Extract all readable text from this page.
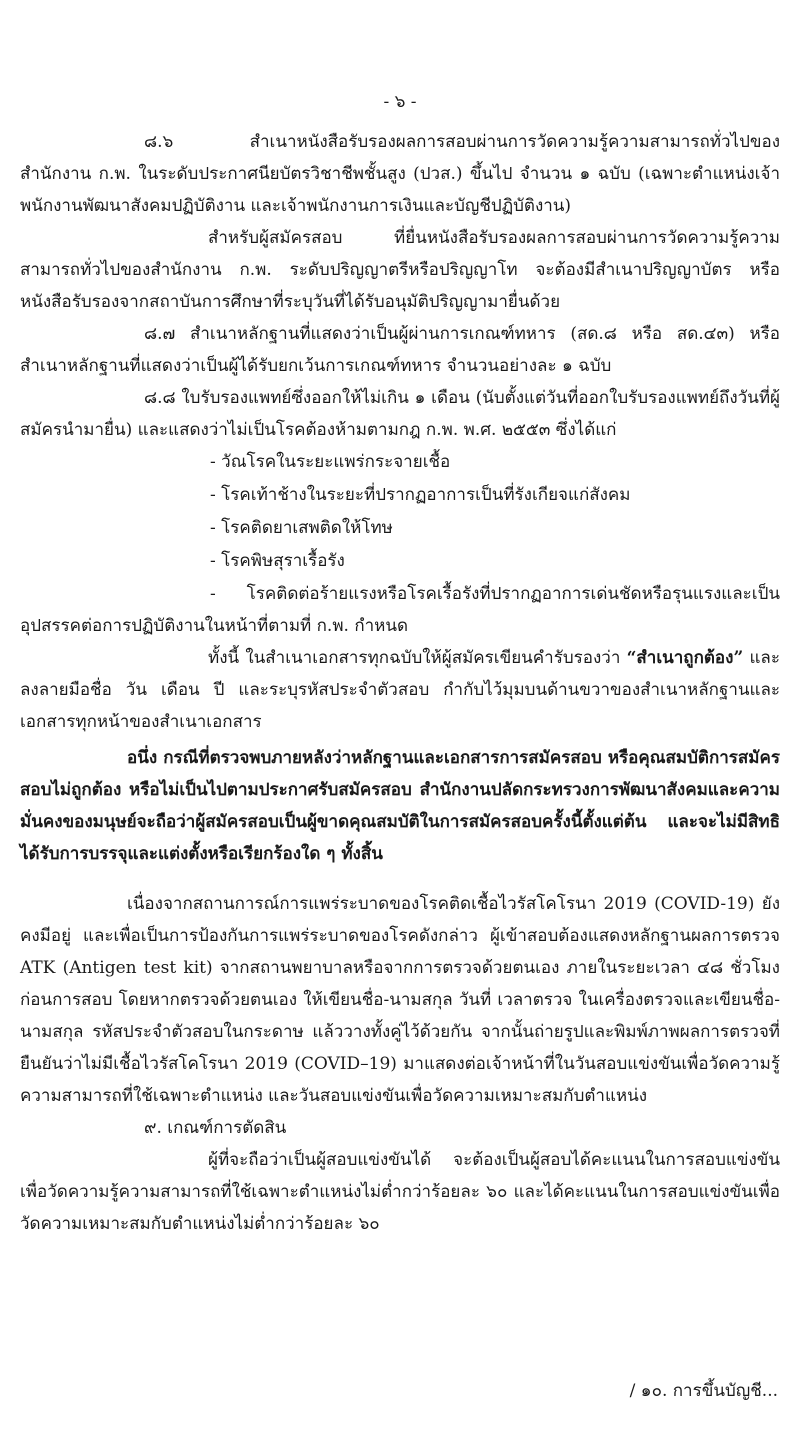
- ๖ -

๘.๖ สำเนาหนังสือรับรองผลการสอบผ่านการวัดความรู้ความสามารถทั่วไปของสำนักงาน ก.พ. ในระดับประกาศนียบัตรวิชาชีพชั้นสูง (ปวส.) ขึ้นไป จำนวน ๑ ฉบับ (เฉพาะตำแหน่งเจ้าพนักงานพัฒนาสังคมปฏิบัติงาน และเจ้าพนักงานการเงินและบัญชีปฏิบัติงาน)

สำหรับผู้สมัครสอบ ที่ยื่นหนังสือรับรองผลการสอบผ่านการวัดความรู้ความสามารถทั่วไปของสำนักงาน ก.พ. ระดับปริญญาตรีหรือปริญญาโท จะต้องมีสำเนาปริญญาบัตร หรือหนังสือรับรองจากสถาบันการศึกษาที่ระบุวันที่ได้รับอนุมัติปริญญามายื่นด้วย

๘.๗ สำเนาหลักฐานที่แสดงว่าเป็นผู้ผ่านการเกณฑ์ทหาร (สด.๘ หรือ สด.๔๓) หรือสำเนาหลักฐานที่แสดงว่าเป็นผู้ได้รับยกเว้นการเกณฑ์ทหาร จำนวนอย่างละ ๑ ฉบับ

๘.๘ ใบรับรองแพทย์ซึ่งออกให้ไม่เกิน ๑ เดือน (นับตั้งแต่วันที่ออกใบรับรองแพทย์ถึงวันที่ผู้สมัครนำมายื่น) และแสดงว่าไม่เป็นโรคต้องห้ามตามกฎ ก.พ. พ.ศ. ๒๕๕๓ ซึ่งได้แก่

- วัณโรคในระยะแพร่กระจายเชื้อ

- โรคเท้าช้างในระยะที่ปรากฏอาการเป็นที่รังเกียจแก่สังคม

- โรคติดยาเสพติดให้โทษ

- โรคพิษสุราเรื้อรัง

- โรคติดต่อร้ายแรงหรือโรคเรื้อรังที่ปรากฏอาการเด่นชัดหรือรุนแรงและเป็นอุปสรรคต่อการปฏิบัติงานในหน้าที่ตามที่ ก.พ. กำหนด

ทั้งนี้ ในสำเนาเอกสารทุกฉบับให้ผู้สมัครเขียนคำรับรองว่า “สำเนาถูกต้อง” และลงลายมือชื่อ วัน เดือน ปี และระบุรหัสประจำตัวสอบ กำกับไว้มุมบนด้านขวาของสำเนาหลักฐานและเอกสารทุกหน้าของสำเนาเอกสาร

อนึ่ง กรณีที่ตรวจพบภายหลังว่าหลักฐานและเอกสารการสมัครสอบ หรือคุณสมบัติการสมัครสอบไม่ถูกต้อง หรือไม่เป็นไปตามประกาศรับสมัครสอบ สำนักงานปลัดกระทรวงการพัฒนาสังคมและความมั่นคงของมนุษย์จะถือว่าผู้สมัครสอบเป็นผู้ขาดคุณสมบัติในการสมัครสอบครั้งนี้ตั้งแต่ต้น และจะไม่มีสิทธิได้รับการบรรจุและแต่งตั้งหรือเรียกร้องใด ๆ ทั้งสิ้น

เนื่องจากสถานการณ์การแพร่ระบาดของโรคติดเชื้อไวรัสโคโรนา 2019 (COVID-19) ยังคงมีอยู่ และเพื่อเป็นการป้องกันการแพร่ระบาดของโรคดังกล่าว ผู้เข้าสอบต้องแสดงหลักฐานผลการตรวจ ATK (Antigen test kit) จากสถานพยาบาลหรือจากการตรวจด้วยตนเอง ภายในระยะเวลา ๔๘ ชั่วโมงก่อนการสอบ โดยหากตรวจด้วยตนเอง ให้เขียนชื่อ-นามสกุล วันที่ เวลาตรวจ ในเครื่องตรวจและเขียนชื่อ-นามสกุล รหัสประจำตัวสอบในกระดาษ แล้ววางทั้งคู่ไว้ด้วยกัน จากนั้นถ่ายรูปและพิมพ์ภาพผลการตรวจที่ยืนยันว่าไม่มีเชื้อไวรัสโคโรนา 2019 (COVID–19) มาแสดงต่อเจ้าหน้าที่ในวันสอบแข่งขันเพื่อวัดความรู้ความสามารถที่ใช้เฉพาะตำแหน่ง และวันสอบแข่งขันเพื่อวัดความเหมาะสมกับตำแหน่ง

๙. เกณฑ์การตัดสิน

ผู้ที่จะถือว่าเป็นผู้สอบแข่งขันได้ จะต้องเป็นผู้สอบได้คะแนนในการสอบแข่งขันเพื่อวัดความรู้ความสามารถที่ใช้เฉพาะตำแหน่งไม่ต่ำกว่าร้อยละ ๖๐ และได้คะแนนในการสอบแข่งขันเพื่อวัดความเหมาะสมกับตำแหน่งไม่ต่ำกว่าร้อยละ ๖๐

/ ๑๐. การขึ้นบัญชี...
